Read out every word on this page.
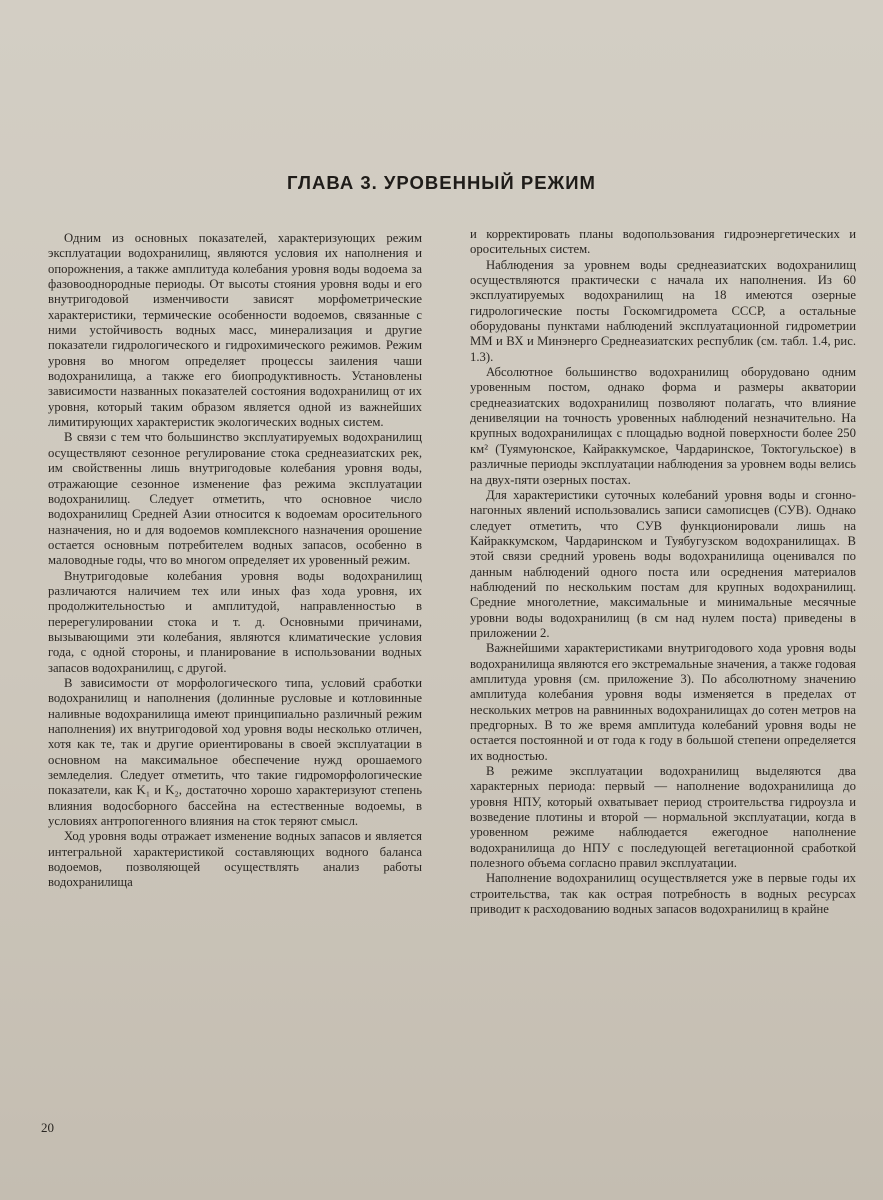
ГЛАВА 3. УРОВЕННЫЙ РЕЖИМ

Одним из основных показателей, характеризующих режим эксплуатации водохранилищ, являются условия их наполнения и опорожнения, а также амплитуда колебания уровня воды водоема за фазовооднородные периоды. От высоты стояния уровня воды и его внутригодовой изменчивости зависят морфометрические характеристики, термические особенности водоемов, связанные с ними устойчивость водных масс, минерализация и другие показатели гидрологического и гидрохимического режимов. Режим уровня во многом определяет процессы заиления чаши водохранилища, а также его биопродуктивность. Установлены зависимости названных показателей состояния водохранилищ от их уровня, который таким образом является одной из важнейших лимитирующих характеристик экологических водных систем.

В связи с тем что большинство эксплуатируемых водохранилищ осуществляют сезонное регулирование стока среднеазиатских рек, им свойственны лишь внутригодовые колебания уровня воды, отражающие сезонное изменение фаз режима эксплуатации водохранилищ. Следует отметить, что основное число водохранилищ Средней Азии относится к водоемам оросительного назначения, но и для водоемов комплексного назначения орошение остается основным потребителем водных запасов, особенно в маловодные годы, что во многом определяет их уровенный режим.

Внутригодовые колебания уровня воды водохранилищ различаются наличием тех или иных фаз хода уровня, их продолжительностью и амплитудой, направленностью в перерегулировании стока и т. д. Основными причинами, вызывающими эти колебания, являются климатические условия года, с одной стороны, и планирование в использовании водных запасов водохранилищ, с другой.

В зависимости от морфологического типа, условий сработки водохранилищ и наполнения (долинные русловые и котловинные наливные водохранилища имеют принципиально различный режим наполнения) их внутригодовой ход уровня воды несколько отличен, хотя как те, так и другие ориентированы в своей эксплуатации в основном на максимальное обеспечение нужд орошаемого земледелия. Следует отметить, что такие гидроморфологические показатели, как K₁ и K₂, достаточно хорошо характеризуют степень влияния водосборного бассейна на естественные водоемы, в условиях антропогенного влияния на сток теряют смысл.

Ход уровня воды отражает изменение водных запасов и является интегральной характеристикой составляющих водного баланса водоемов, позволяющей осуществлять анализ работы водохранилища

и корректировать планы водопользования гидроэнергетических и оросительных систем.

Наблюдения за уровнем воды среднеазиатских водохранилищ осуществляются практически с начала их наполнения. Из 60 эксплуатируемых водохранилищ на 18 имеются озерные гидрологические посты Госкомгидромета СССР, а остальные оборудованы пунктами наблюдений эксплуатационной гидрометрии ММ и ВХ и Минэнерго Среднеазиатских республик (см. табл. 1.4, рис. 1.3).

Абсолютное большинство водохранилищ оборудовано одним уровенным постом, однако форма и размеры акватории среднеазиатских водохранилищ позволяют полагать, что влияние денивеляции на точность уровенных наблюдений незначительно. На крупных водохранилищах с площадью водной поверхности более 250 км² (Туямуюнское, Кайраккумское, Чардаринское, Токтогульское) в различные периоды эксплуатации наблюдения за уровнем воды велись на двух-пяти озерных постах.

Для характеристики суточных колебаний уровня воды и сгонно-нагонных явлений использовались записи самописцев (СУВ). Однако следует отметить, что СУВ функционировали лишь на Кайраккумском, Чардаринском и Туябугузском водохранилищах. В этой связи средний уровень воды водохранилища оценивался по данным наблюдений одного поста или осреднения материалов наблюдений по нескольким постам для крупных водохранилищ. Средние многолетние, максимальные и минимальные месячные уровни воды водохранилищ (в см над нулем поста) приведены в приложении 2.

Важнейшими характеристиками внутригодового хода уровня воды водохранилища являются его экстремальные значения, а также годовая амплитуда уровня (см. приложение 3). По абсолютному значению амплитуда колебания уровня воды изменяется в пределах от нескольких метров на равнинных водохранилищах до сотен метров на предгорных. В то же время амплитуда колебаний уровня воды не остается постоянной и от года к году в большой степени определяется их водностью.

В режиме эксплуатации водохранилищ выделяются два характерных периода: первый — наполнение водохранилища до уровня НПУ, который охватывает период строительства гидроузла и возведение плотины и второй — нормальной эксплуатации, когда в уровенном режиме наблюдается ежегодное наполнение водохранилища до НПУ с последующей вегетационной сработкой полезного объема согласно правил эксплуатации.

Наполнение водохранилищ осуществляется уже в первые годы их строительства, так как острая потребность в водных ресурсах приводит к расходованию водных запасов водохранилищ в крайне

20
